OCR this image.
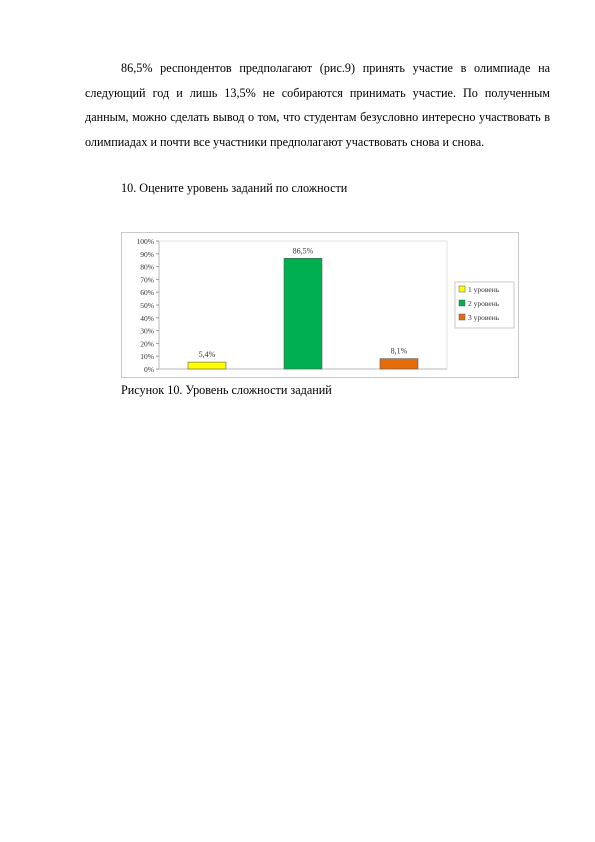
86,5% респондентов предполагают (рис.9) принять участие в олимпиаде на следующий год и лишь 13,5% не собираются принимать участие. По полученным данным, можно сделать вывод о том, что студентам безусловно интересно участвовать в олимпиадах и почти все участники предполагают участвовать снова и снова.

10. Оцените уровень заданий по сложности

0%
10%
20%
30%
40%
50%
60%
70%
80%
90%
100%
5,4%
86,5%
8,1%
1 уровень
2 уровень
3 уровень

Рисунок 10. Уровень сложности заданий
